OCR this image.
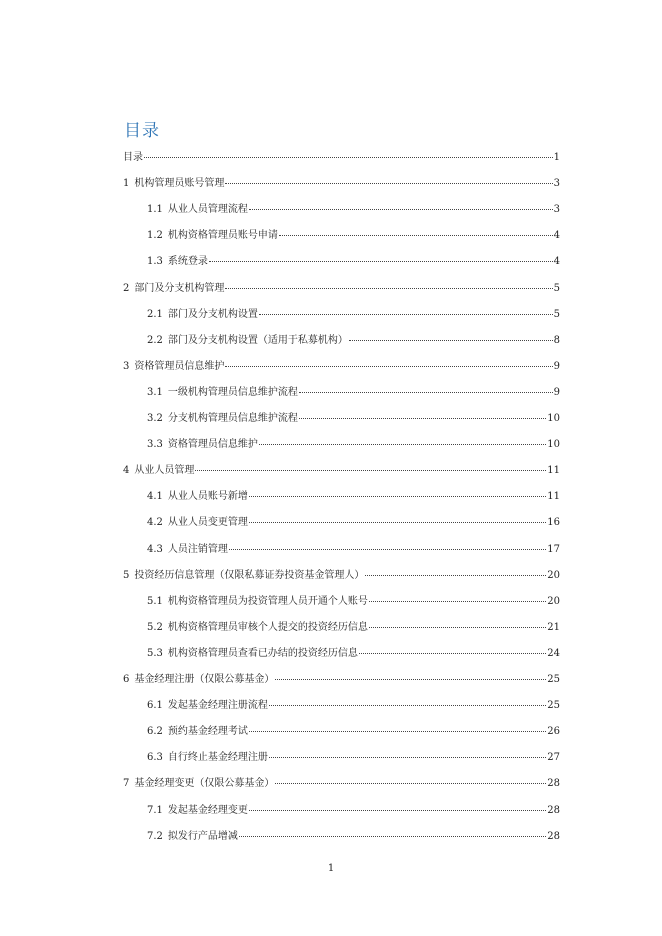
目录
目录	1
1 机构管理员账号管理	3
1.1 从业人员管理流程	3
1.2 机构资格管理员账号申请	4
1.3 系统登录	4
2 部门及分支机构管理	5
2.1 部门及分支机构设置	5
2.2 部门及分支机构设置（适用于私募机构）	8
3 资格管理员信息维护	9
3.1 一级机构管理员信息维护流程	9
3.2 分支机构管理员信息维护流程	10
3.3 资格管理员信息维护	10
4 从业人员管理	11
4.1 从业人员账号新增	11
4.2 从业人员变更管理	16
4.3 人员注销管理	17
5 投资经历信息管理（仅限私募证券投资基金管理人）	20
5.1 机构资格管理员为投资管理人员开通个人账号	20
5.2 机构资格管理员审核个人提交的投资经历信息	21
5.3 机构资格管理员查看已办结的投资经历信息	24
6 基金经理注册（仅限公募基金）	25
6.1 发起基金经理注册流程	25
6.2 预约基金经理考试	26
6.3 自行终止基金经理注册	27
7 基金经理变更（仅限公募基金）	28
7.1 发起基金经理变更	28
7.2 拟发行产品增减	28
1
